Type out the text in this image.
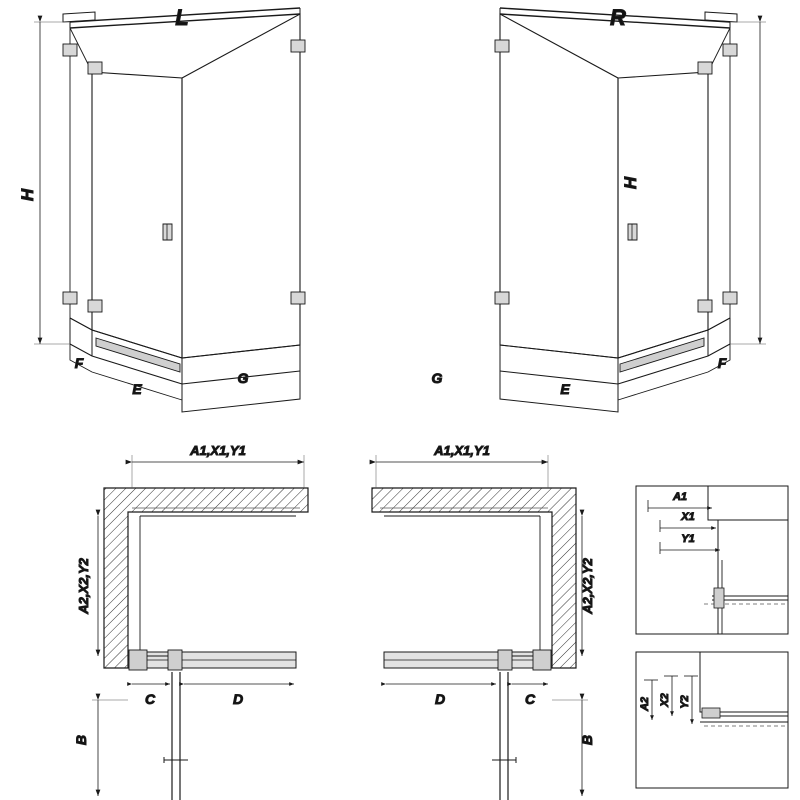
H
F
E
G
L
H
G
E
F
R
A1,X1,Y1
A2,X2,Y2
C	D
B
A1,X1,Y1
A2,X2,Y2
D	C
B
A1
X1
Y1
A2 X2 Y2
